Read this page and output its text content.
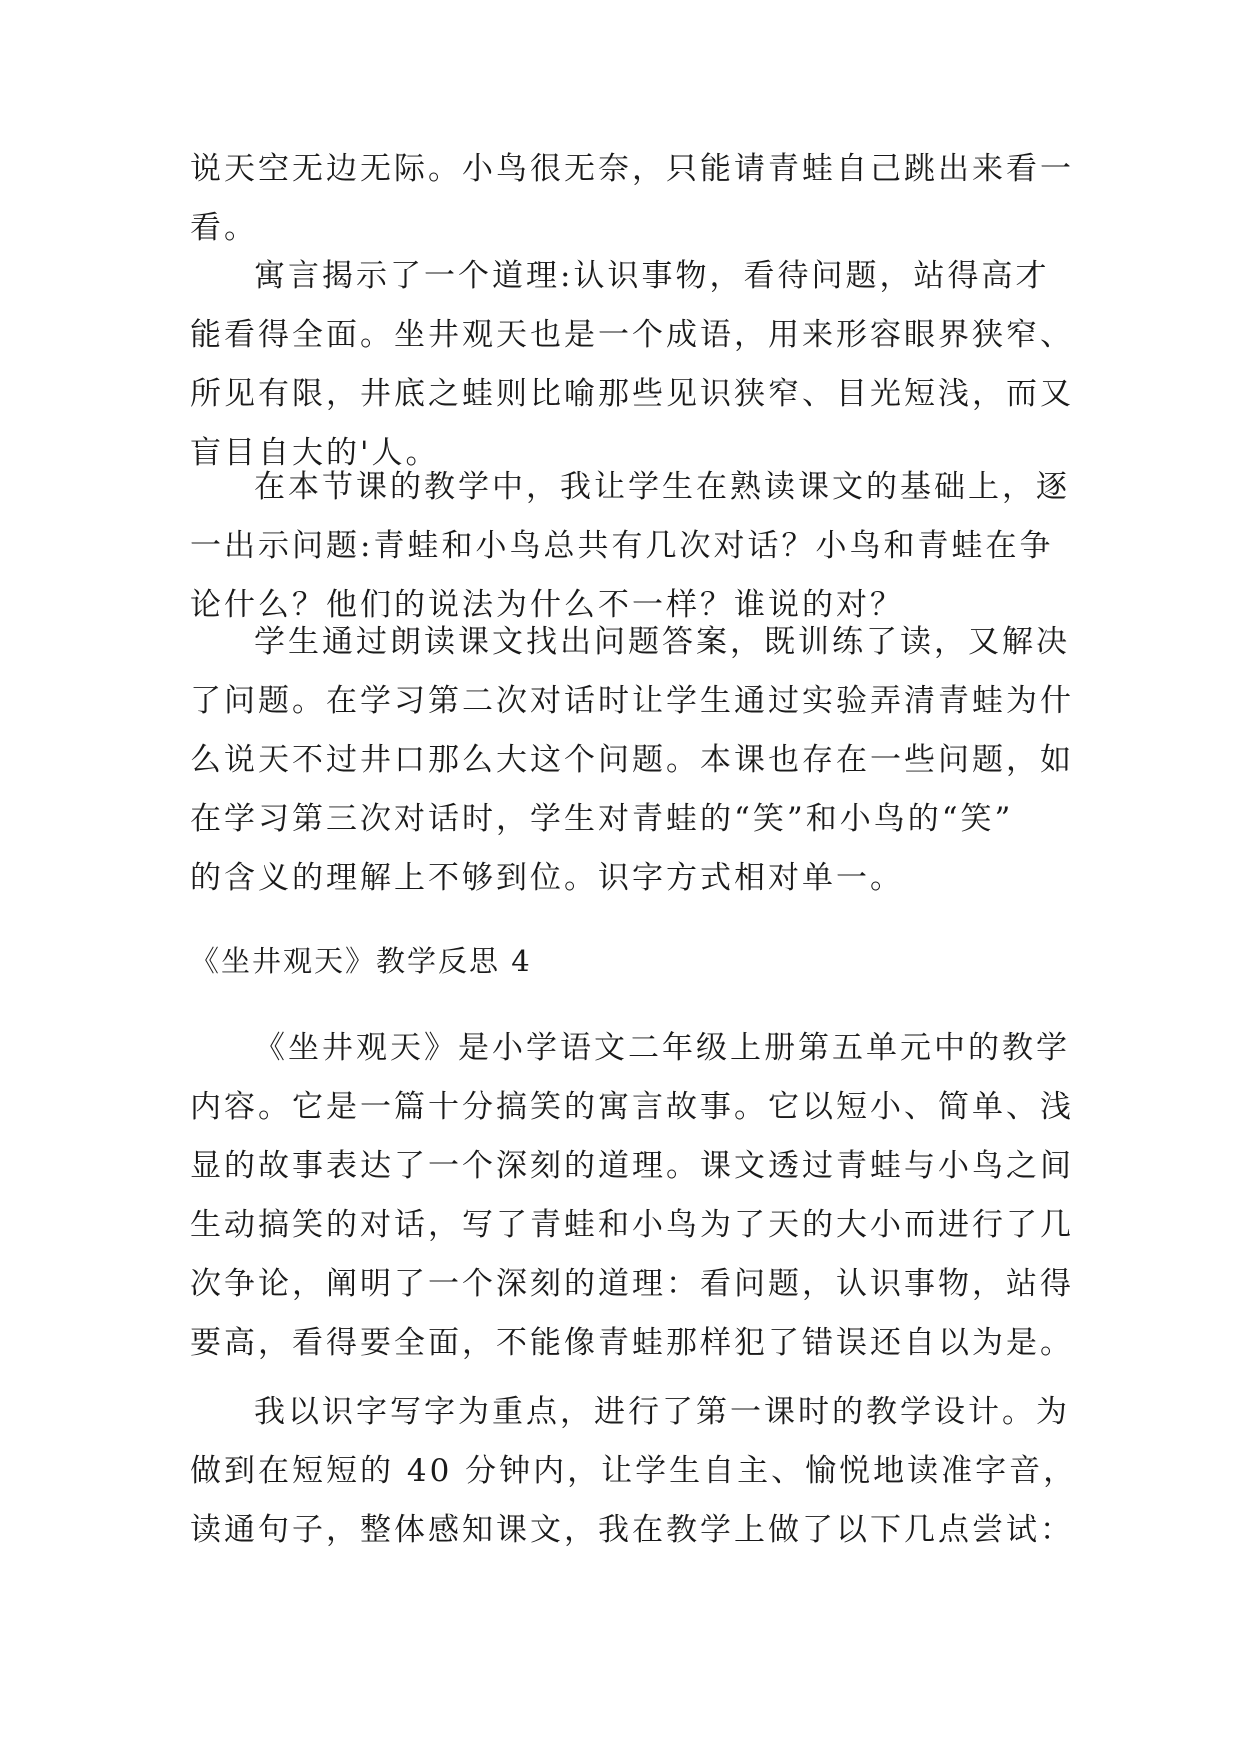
说天空无边无际。小鸟很无奈，只能请青蛙自己跳出来看一
看。
寓言揭示了一个道理:认识事物，看待问题，站得高才
能看得全面。坐井观天也是一个成语，用来形容眼界狭窄、
所见有限，井底之蛙则比喻那些见识狭窄、目光短浅，而又
盲目自大的'人。
在本节课的教学中，我让学生在熟读课文的基础上，逐
一出示问题:青蛙和小鸟总共有几次对话？小鸟和青蛙在争
论什么？他们的说法为什么不一样？谁说的对？
学生通过朗读课文找出问题答案，既训练了读，又解决
了问题。在学习第二次对话时让学生通过实验弄清青蛙为什
么说天不过井口那么大这个问题。本课也存在一些问题，如
在学习第三次对话时，学生对青蛙的“笑”和小鸟的“笑”
的含义的理解上不够到位。识字方式相对单一。
《坐井观天》教学反思 4
《坐井观天》是小学语文二年级上册第五单元中的教学
内容。它是一篇十分搞笑的寓言故事。它以短小、简单、浅
显的故事表达了一个深刻的道理。课文透过青蛙与小鸟之间
生动搞笑的对话，写了青蛙和小鸟为了天的大小而进行了几
次争论，阐明了一个深刻的道理：看问题，认识事物，站得
要高，看得要全面，不能像青蛙那样犯了错误还自以为是。
我以识字写字为重点，进行了第一课时的教学设计。为
做到在短短的 40 分钟内，让学生自主、愉悦地读准字音，
读通句子，整体感知课文，我在教学上做了以下几点尝试：
